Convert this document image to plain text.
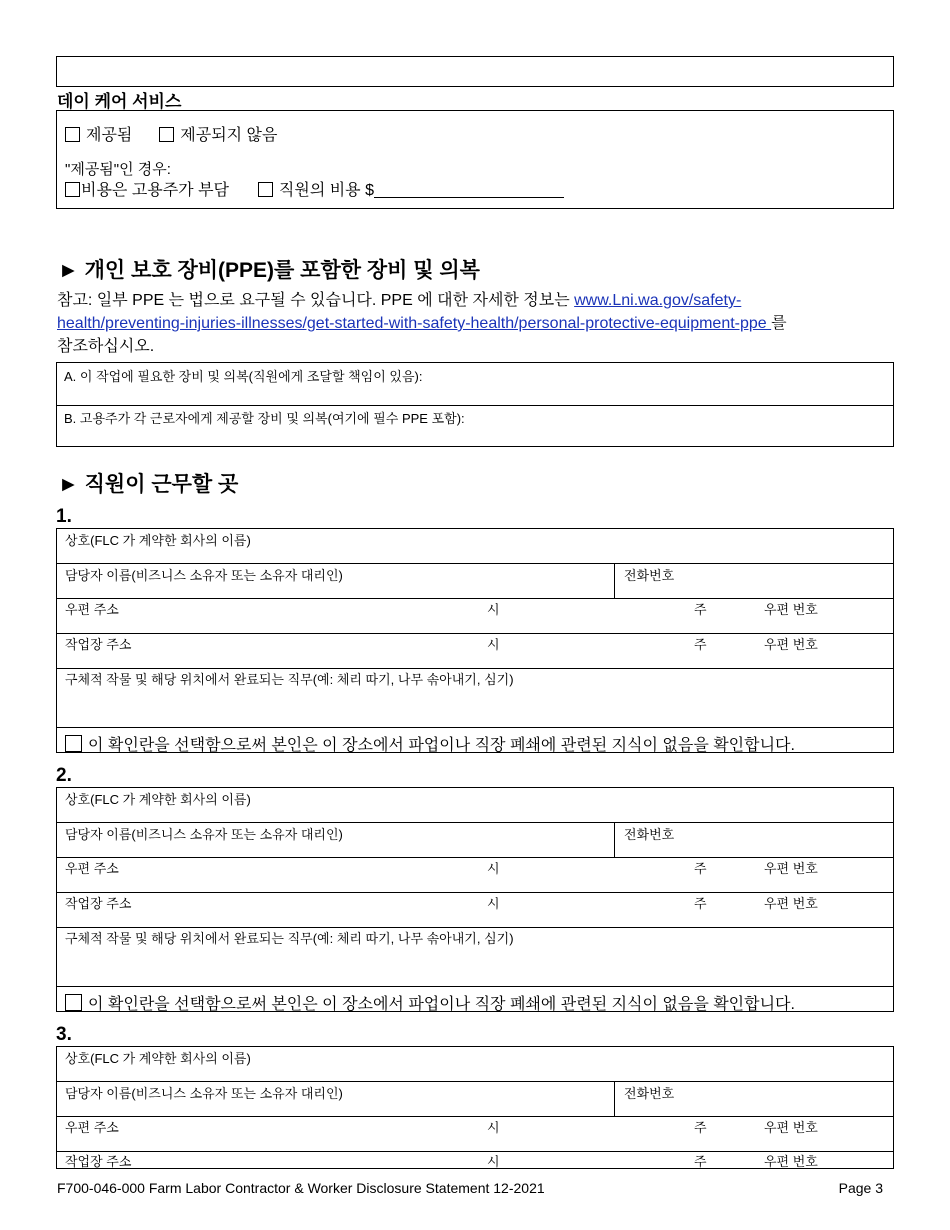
데이 케어 서비스
제공됨	제공되지 않음
"제공됨"인 경우:
비용은 고용주가 부담	직원의 비용 $
► 개인 보호 장비(PPE)를 포함한 장비 및 의복
참고: 일부 PPE 는 법으로 요구될 수 있습니다. PPE 에 대한 자세한 정보는 www.Lni.wa.gov/safety-
health/preventing-injuries-illnesses/get-started-with-safety-health/personal-protective-equipment-ppe 를
참조하십시오.
A. 이 작업에 필요한 장비 및 의복(직원에게 조달할 책임이 있음):
B. 고용주가 각 근로자에게 제공할 장비 및 의복(여기에 필수 PPE 포함):
► 직원이 근무할 곳
1.
상호(FLC 가 계약한 회사의 이름)
담당자 이름(비즈니스 소유자 또는 소유자 대리인)	전화번호
우편 주소	시	주	우편 번호
작업장 주소	시	주	우편 번호
구체적 작물 및 해당 위치에서 완료되는 직무(예: 체리 따기, 나무 솎아내기, 심기)
이 확인란을 선택함으로써 본인은 이 장소에서 파업이나 직장 폐쇄에 관련된 지식이 없음을 확인합니다.
2.
상호(FLC 가 계약한 회사의 이름)
담당자 이름(비즈니스 소유자 또는 소유자 대리인)	전화번호
우편 주소	시	주	우편 번호
작업장 주소	시	주	우편 번호
구체적 작물 및 해당 위치에서 완료되는 직무(예: 체리 따기, 나무 솎아내기, 심기)
이 확인란을 선택함으로써 본인은 이 장소에서 파업이나 직장 폐쇄에 관련된 지식이 없음을 확인합니다.
3.
상호(FLC 가 계약한 회사의 이름)
담당자 이름(비즈니스 소유자 또는 소유자 대리인)	전화번호
우편 주소	시	주	우편 번호
작업장 주소	시	주	우편 번호
F700-046-000 Farm Labor Contractor & Worker Disclosure Statement 12-2021	Page 3
